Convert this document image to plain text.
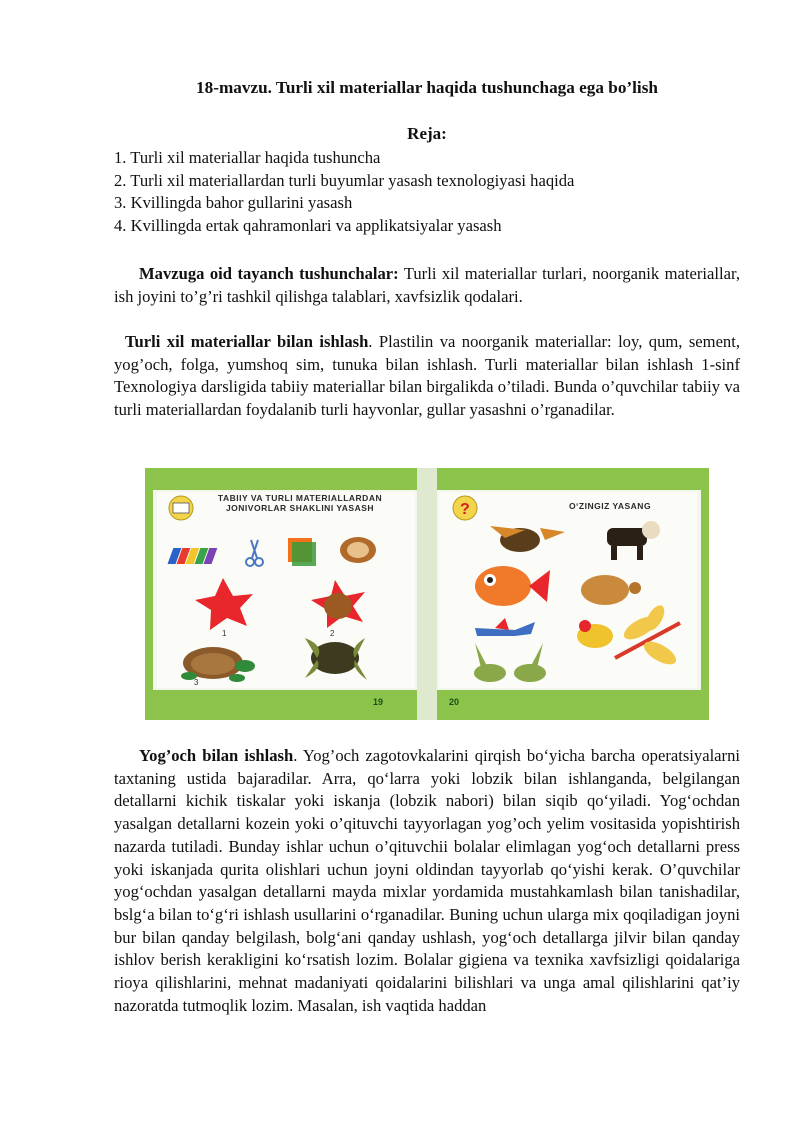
18-mavzu. Turli xil materiallar haqida tushunchaga ega bo’lish
Reja:
1. Turli xil materiallar haqida tushuncha
2. Turli xil materiallardan turli buyumlar yasash texnologiyasi haqida
3. Kvillingda bahor gullarini yasash
4. Kvillingda ertak qahramonlari va applikatsiyalar yasash

Mavzuga oid tayanch tushunchalar: Turli xil materiallar turlari, noorganik materiallar, ish joyini to’g’ri tashkil qilishga talablari, xavfsizlik qodalari.

Turli xil materiallar bilan ishlash. Plastilin va noorganik materiallar: loy, qum, sement, yog’och, folga, yumshoq sim, tunuka bilan ishlash. Turli materiallar bilan ishlash 1-sinf Texnologiya darsligida tabiiy materiallar bilan birgalikda o’tiladi. Bunda o’quvchilar tabiiy va turli materiallardan foydalanib turli hayvonlar, gullar yasashni o’rganadilar.

?
TABIIY VA TURLI MATERIALLARDAN JONIVORLAR SHAKLINI YASASH	O‘ZINGIZ YASANG
1	2
3
19	20

Yog’och bilan ishlash. Yog’och zagotovkalarini qirqish bo‘yicha barcha operatsiyalarni taxtaning ustida bajaradilar. Arra, qo‘larra yoki lobzik bilan ishlanganda, belgilangan detallarni kichik tiskalar yoki iskanja (lobzik nabori) bilan siqib qo‘yiladi. Yog‘ochdan yasalgan detallarni kozein yoki o’qituvchi tayyorlagan yog’och yelim vositasida yopishtirish nazarda tutiladi. Bunday ishlar uchun o’qituvchii bolalar elimlagan yog‘och detallarni press yoki iskanjada qurita olishlari uchun joyni oldindan tayyorlab qo‘yishi kerak. O’quvchilar yog‘ochdan yasalgan detallarni mayda mixlar yordamida mustahkamlash bilan tanishadilar, bslg‘a bilan to‘g‘ri ishlash usullarini o‘rganadilar. Buning uchun ularga mix qoqiladigan joyni bur bilan qanday belgilash, bolg‘ani qanday ushlash, yog‘och detallarga jilvir bilan qanday ishlov berish kerakligini ko‘rsatish lozim. Bolalar gigiena va texnika xavfsizligi qoidalariga rioya qilishlarini, mehnat madaniyati qoidalarini bilishlari va unga amal qilishlarini qat’iy nazoratda tutmoqlik lozim. Masalan, ish vaqtida haddan
